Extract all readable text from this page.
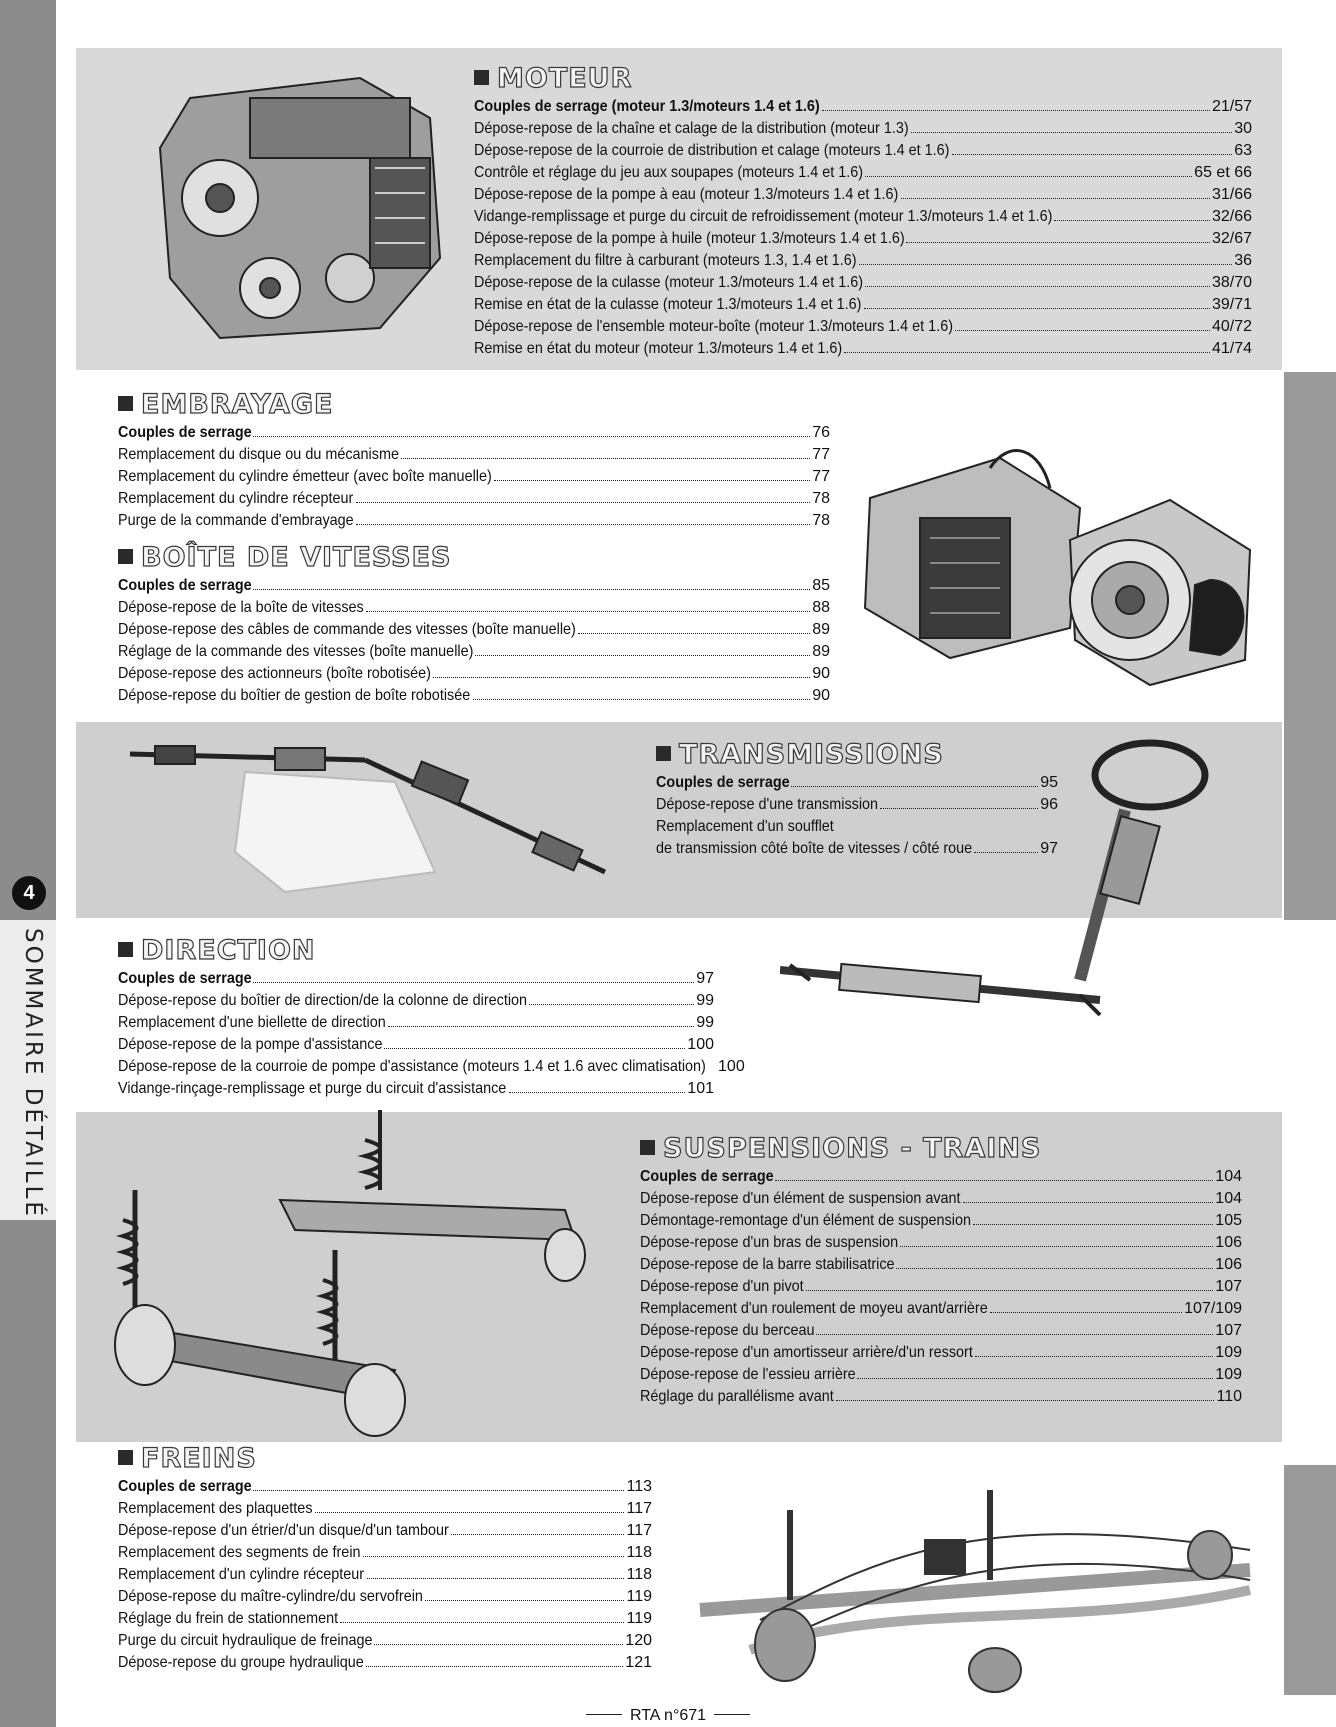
4
SOMMAIRE DÉTAILLÉ
MOTEUR
Couples de serrage (moteur 1.3/moteurs 1.4 et 1.6)	21/57
Dépose-repose de la chaîne et calage de la distribution (moteur 1.3)	30
Dépose-repose de la courroie de distribution et calage (moteurs 1.4 et 1.6)	63
Contrôle et réglage du jeu aux soupapes (moteurs 1.4 et 1.6)	65 et 66
Dépose-repose de la pompe à eau (moteur 1.3/moteurs 1.4 et 1.6)	31/66
Vidange-remplissage et purge du circuit de refroidissement (moteur 1.3/moteurs 1.4 et 1.6)	32/66
Dépose-repose de la pompe à huile (moteur 1.3/moteurs 1.4 et 1.6)	32/67
Remplacement du filtre à carburant (moteurs 1.3, 1.4 et 1.6)	36
Dépose-repose de la culasse (moteur 1.3/moteurs 1.4 et 1.6)	38/70
Remise en état de la culasse (moteur 1.3/moteurs 1.4 et 1.6)	39/71
Dépose-repose de l'ensemble moteur-boîte (moteur 1.3/moteurs 1.4 et 1.6)	40/72
Remise en état du moteur (moteur 1.3/moteurs 1.4 et 1.6)	41/74
EMBRAYAGE
Couples de serrage	76
Remplacement du disque ou du mécanisme	77
Remplacement du cylindre émetteur (avec boîte manuelle)	77
Remplacement du cylindre récepteur	78
Purge de la commande d'embrayage	78
BOÎTE DE VITESSES
Couples de serrage	85
Dépose-repose de la boîte de vitesses	88
Dépose-repose des câbles de commande des vitesses (boîte manuelle)	89
Réglage de la commande des vitesses (boîte manuelle)	89
Dépose-repose des actionneurs (boîte robotisée)	90
Dépose-repose du boîtier de gestion de boîte robotisée	90
TRANSMISSIONS
Couples de serrage	95
Dépose-repose d'une transmission	96
Remplacement d'un soufflet
de transmission côté boîte de vitesses / côté roue	97
DIRECTION
Couples de serrage	97
Dépose-repose du boîtier de direction/de la colonne de direction	99
Remplacement d'une biellette de direction	99
Dépose-repose de la pompe d'assistance	100
Dépose-repose de la courroie de pompe d'assistance (moteurs 1.4 et 1.6 avec climatisation) 100
Vidange-rinçage-remplissage et purge du circuit d'assistance	101
SUSPENSIONS - TRAINS
Couples de serrage	104
Dépose-repose d'un élément de suspension avant	104
Démontage-remontage d'un élément de suspension	105
Dépose-repose d'un bras de suspension	106
Dépose-repose de la barre stabilisatrice	106
Dépose-repose d'un pivot	107
Remplacement d'un roulement de moyeu avant/arrière	107/109
Dépose-repose du berceau	107
Dépose-repose d'un amortisseur arrière/d'un ressort	109
Dépose-repose de l'essieu arrière	109
Réglage du parallélisme avant	110
FREINS
Couples de serrage	113
Remplacement des plaquettes	117
Dépose-repose d'un étrier/d'un disque/d'un tambour	117
Remplacement des segments de frein	118
Remplacement d'un cylindre récepteur	118
Dépose-repose du maître-cylindre/du servofrein	119
Réglage du frein de stationnement	119
Purge du circuit hydraulique de freinage	120
Dépose-repose du groupe hydraulique	121
RTA n°671
